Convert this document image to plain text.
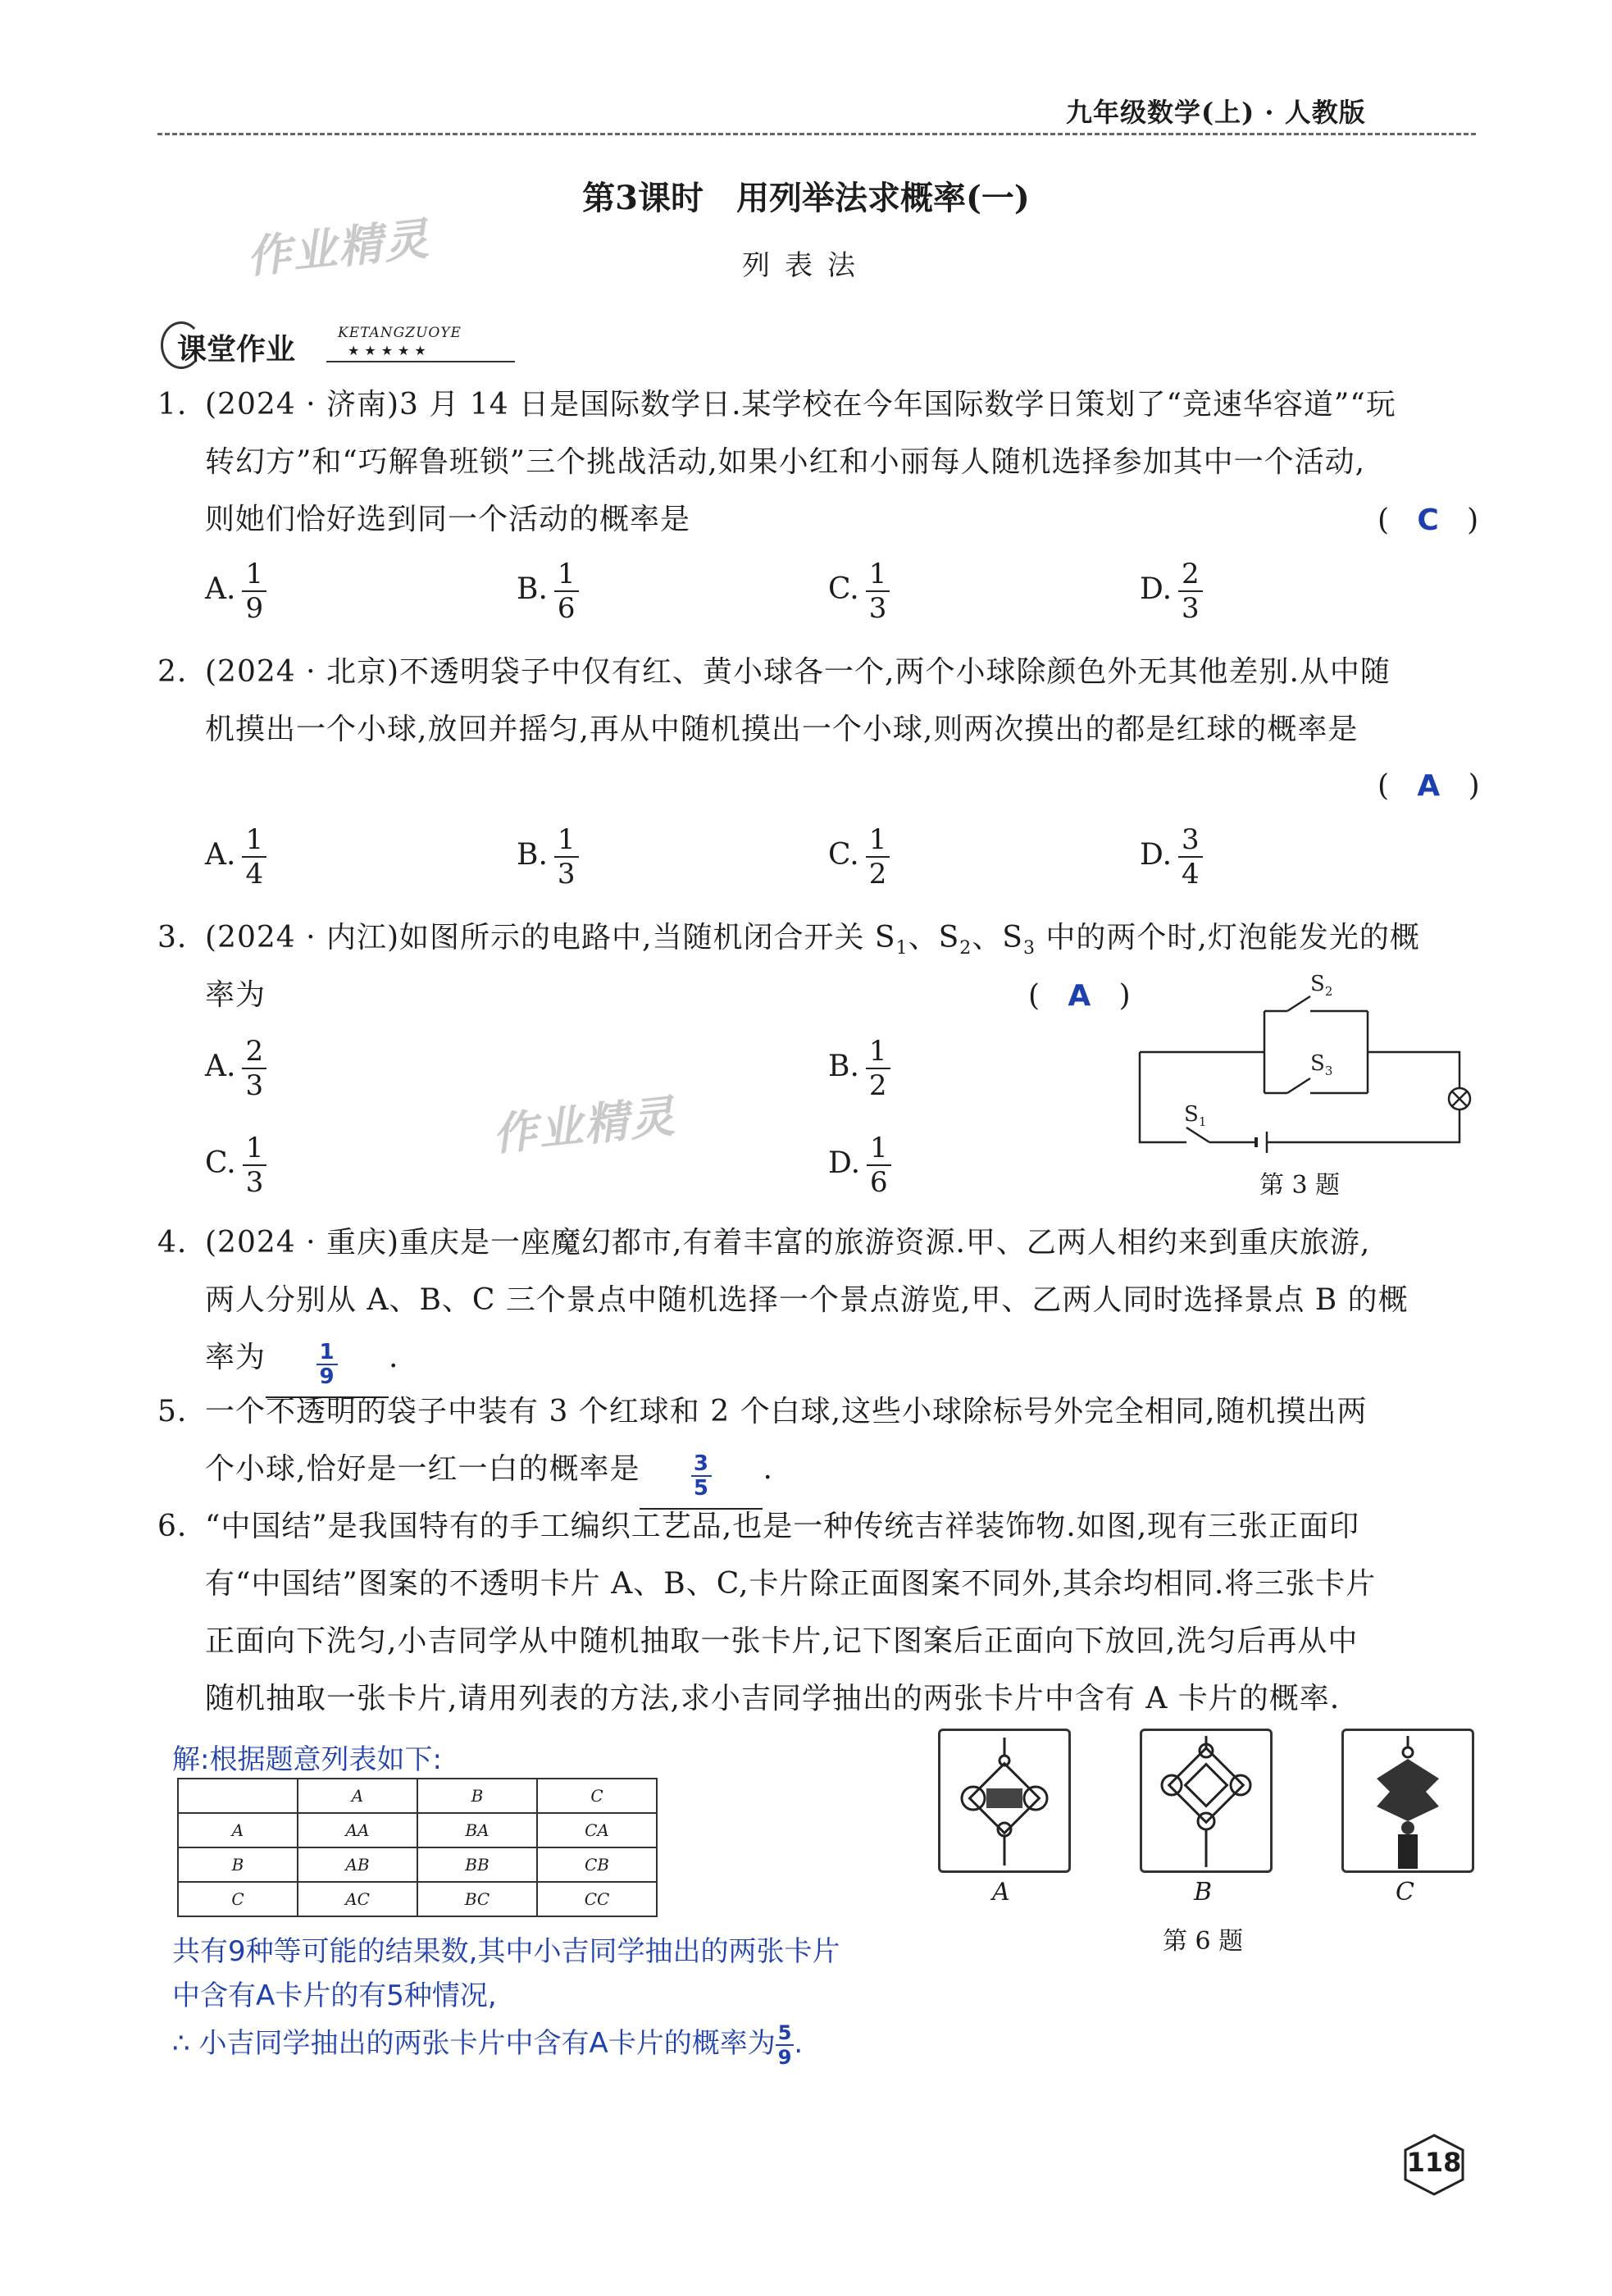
九年级数学(上) · 人教版
第3课时　用列举法求概率(一)
列表法
作业精灵
作业精灵
课堂作业	KETANGZUOYE
★★★★★
1. (2024 · 济南)3 月 14 日是国际数学日.某学校在今年国际数学日策划了“竞速华容道”“玩
转幻方”和“巧解鲁班锁”三个挑战活动,如果小红和小丽每人随机选择参加其中一个活动,
则她们恰好选到同一个活动的概率是	(   C   )
A. $\frac{1}{9}$	B. $\frac{1}{6}$	C. $\frac{1}{3}$	D. $\frac{2}{3}$
2. (2024 · 北京)不透明袋子中仅有红、黄小球各一个,两个小球除颜色外无其他差别.从中随
机摸出一个小球,放回并摇匀,再从中随机摸出一个小球,则两次摸出的都是红球的概率是
(   A   )
A. $\frac{1}{4}$	B. $\frac{1}{3}$	C. $\frac{1}{2}$	D. $\frac{3}{4}$
3. (2024 · 内江)如图所示的电路中,当随机闭合开关 $S_1$、$S_2$、$S_3$ 中的两个时,灯泡能发光的概
率为	(   A   )
A. $\frac{2}{3}$	B. $\frac{1}{2}$
C. $\frac{1}{3}$	D. $\frac{1}{6}$
$S_2$
$S_3$
$S_1$
第 3 题
4. (2024 · 重庆)重庆是一座魔幻都市,有着丰富的旅游资源.甲、乙两人相约来到重庆旅游,
两人分别从 A、B、C 三个景点中随机选择一个景点游览,甲、乙两人同时选择景点 B 的概
率为 $\frac{1}{9}$ .
5. 一个不透明的袋子中装有 3 个红球和 2 个白球,这些小球除标号外完全相同,随机摸出两
个小球,恰好是一红一白的概率是 $\frac{3}{5}$ .
6. “中国结”是我国特有的手工编织工艺品,也是一种传统吉祥装饰物.如图,现有三张正面印
有“中国结”图案的不透明卡片 A、B、C,卡片除正面图案不同外,其余均相同.将三张卡片
正面向下洗匀,小吉同学从中随机抽取一张卡片,记下图案后正面向下放回,洗匀后再从中
随机抽取一张卡片,请用列表的方法,求小吉同学抽出的两张卡片中含有 A 卡片的概率.
解:根据题意列表如下:
	A	B	C
A	AA	BA	CA
B	AB	BB	CB
C	AC	BC	CC
共有9种等可能的结果数,其中小吉同学抽出的两张卡片
中含有A卡片的有5种情况,
∴ 小吉同学抽出的两张卡片中含有A卡片的概率为 $\frac{5}{9}$ .
A	B	C
第 6 题
118
